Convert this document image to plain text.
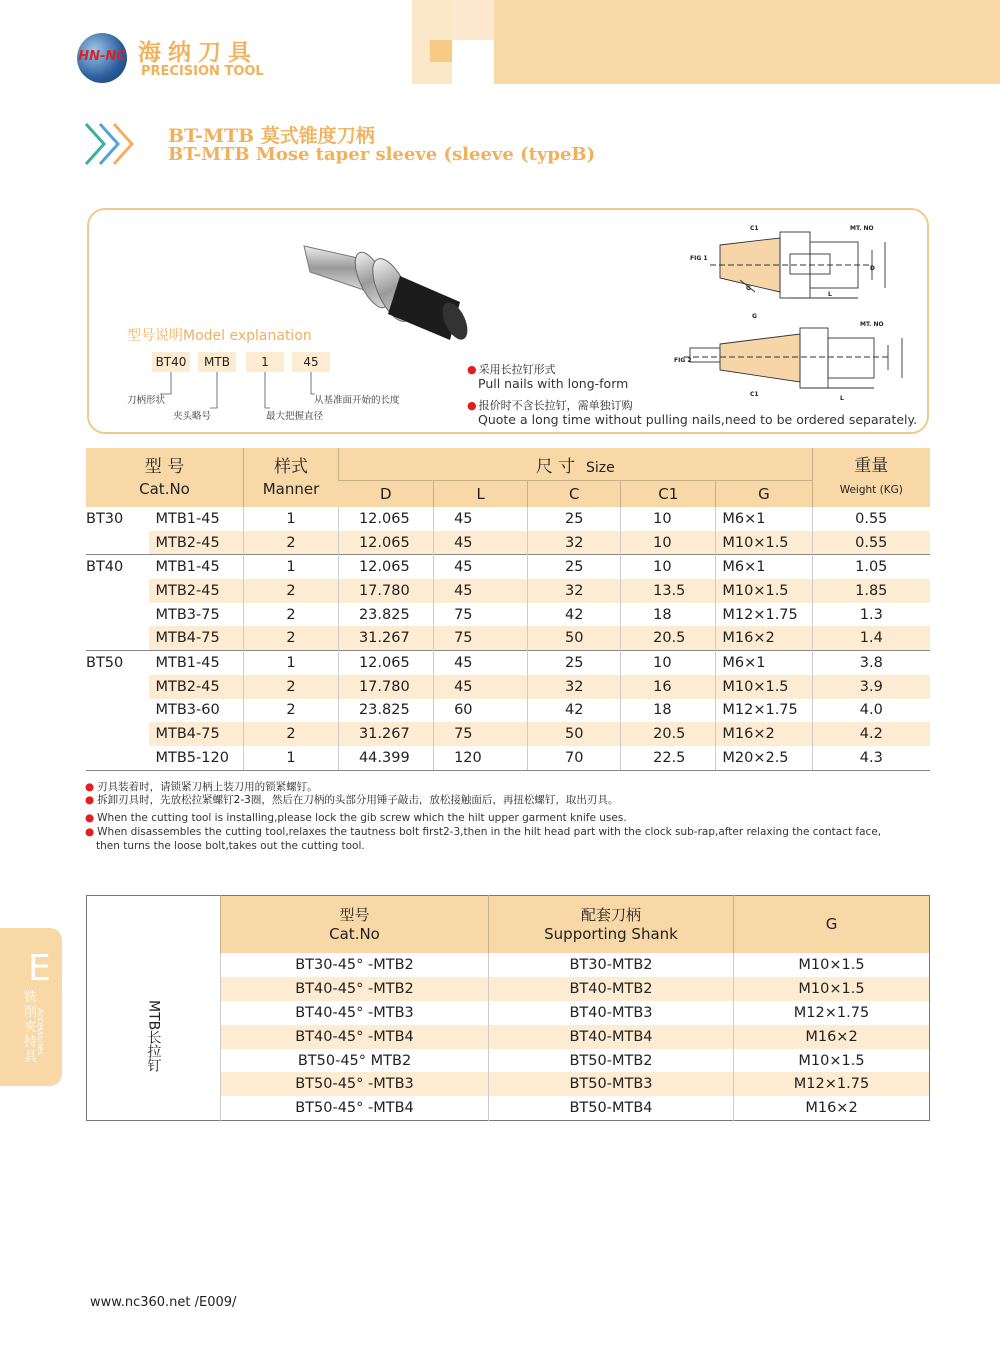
HN-NC 海纳刀具
PRECISION TOOL
BT-MTB 莫式锥度刀柄
BT-MTB Mose taper sleeve (sleeve (typeB)
型号说明Model explanation
BT40	MTB	1	45
刀柄形状
夹头略号	最大把握直径
从基准面开始的长度
● 采用长拉钉形式
Pull nails with long-form
● 报价时不含长拉钉，需单独订购
Quote a long time without pulling nails,need to be ordered separately.
FIG 1
C1	MT. NO
G
L
D
FIG 2
G
MT. NO
C1
L
型 号
Cat.No		样式
Manner	尺 寸 Size					重量
Weight (KG)
			D	L	C	C1	G	
BT30	MTB1-45	1	12.065	45	25	10	M6×1	0.55
	MTB2-45	2	12.065	45	32	10	M10×1.5	0.55
BT40	MTB1-45	1	12.065	45	25	10	M6×1	1.05
	MTB2-45	2	17.780	45	32	13.5	M10×1.5	1.85
	MTB3-75	2	23.825	75	42	18	M12×1.75	1.3
	MTB4-75	2	31.267	75	50	20.5	M16×2	1.4
BT50	MTB1-45	1	12.065	45	25	10	M6×1	3.8
	MTB2-45	2	17.780	45	32	16	M10×1.5	3.9
	MTB3-60	2	23.825	60	42	18	M12×1.75	4.0
	MTB4-75	2	31.267	75	50	20.5	M16×2	4.2
	MTB5-120	1	44.399	120	70	22.5	M20×2.5	4.3
● 刃具装着时，请锁紧刀柄上装刀用的锁紧螺钉。
● 拆卸刃具时，先放松拉紧螺钉2-3圈，然后在刀柄的头部分用锤子敲击，放松接触面后，再扭松螺钉，取出刃具。
● When the cutting tool is installing,please lock the gib screw which the hilt upper garment knife uses.
● When disassembles the cutting tool,relaxes the tautness bolt first2-3,then in the hilt head part with the clock sub-rap,after relaxing the contact face,
then turns the loose bolt,takes out the cutting tool.
	型号
Cat.No	配套刀柄
Supporting Shank	G

MTB长拉钉	BT30-45° -MTB2	BT30-MTB2	M10×1.5
	BT40-45° -MTB2	BT40-MTB2	M10×1.5
	BT40-45° -MTB3	BT40-MTB3	M12×1.75
	BT40-45° -MTB4	BT40-MTB4	M16×2
	BT50-45° MTB2	BT50-MTB2	M10×1.5
	BT50-45° -MTB3	BT50-MTB3	M12×1.75
	BT50-45° -MTB4	BT50-MTB4	M16×2
E
铣削夹持具
Accessories
www.nc360.net /E009/
